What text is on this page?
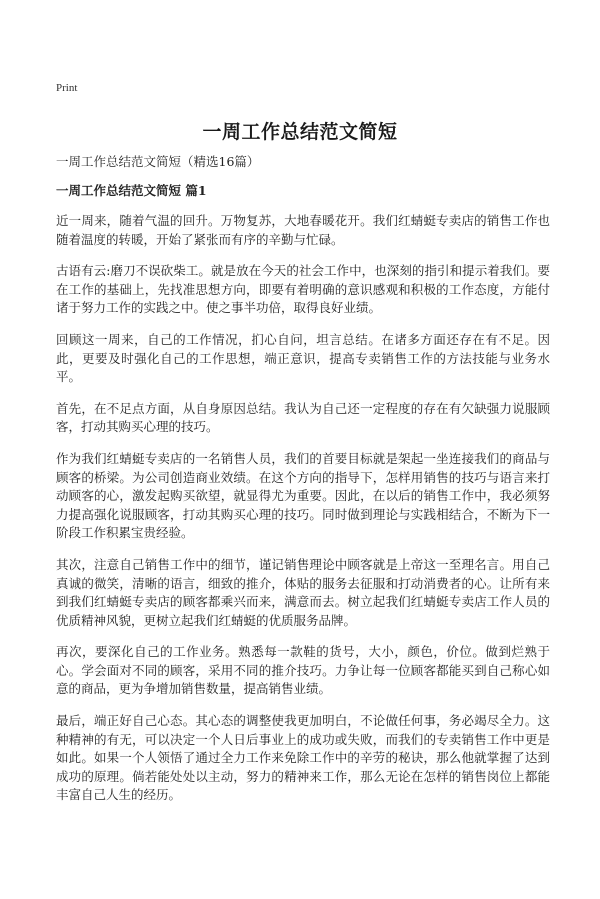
Print
一周工作总结范文简短

一周工作总结范文简短（精选16篇）

一周工作总结范文简短 篇1

近一周来，随着气温的回升。万物复苏，大地春暖花开。我们红蜻蜓专卖店的销售工作也随着温度的转暖，开始了紧张而有序的辛勤与忙碌。

古语有云:磨刀不误砍柴工。就是放在今天的社会工作中，也深刻的指引和提示着我们。要在工作的基础上，先找准思想方向，即要有着明确的意识感观和积极的工作态度，方能付诸于努力工作的实践之中。使之事半功倍，取得良好业绩。

回顾这一周来，自己的工作情况，扪心自问，坦言总结。在诸多方面还存在有不足。因此，更要及时强化自己的工作思想，端正意识，提高专卖销售工作的方法技能与业务水平。

首先，在不足点方面，从自身原因总结。我认为自己还一定程度的存在有欠缺强力说服顾客，打动其购买心理的技巧。

作为我们红蜻蜓专卖店的一名销售人员，我们的首要目标就是架起一坐连接我们的商品与顾客的桥梁。为公司创造商业效绩。在这个方向的指导下，怎样用销售的技巧与语言来打动顾客的心，激发起购买欲望，就显得尤为重要。因此，在以后的销售工作中，我必须努力提高强化说服顾客，打动其购买心理的技巧。同时做到理论与实践相结合，不断为下一阶段工作积累宝贵经验。

其次，注意自己销售工作中的细节，谨记销售理论中顾客就是上帝这一至理名言。用自己真诚的微笑，清晰的语言，细致的推介，体贴的服务去征服和打动消费者的心。让所有来到我们红蜻蜓专卖店的顾客都乘兴而来，满意而去。树立起我们红蜻蜓专卖店工作人员的优质精神风貌，更树立起我们红蜻蜓的优质服务品牌。

再次，要深化自己的工作业务。熟悉每一款鞋的货号，大小，颜色，价位。做到烂熟于心。学会面对不同的顾客，采用不同的推介技巧。力争让每一位顾客都能买到自己称心如意的商品，更为争增加销售数量，提高销售业绩。

最后，端正好自己心态。其心态的调整使我更加明白，不论做任何事，务必竭尽全力。这种精神的有无，可以决定一个人日后事业上的成功或失败，而我们的专卖销售工作中更是如此。如果一个人领悟了通过全力工作来免除工作中的辛劳的秘诀，那么他就掌握了达到成功的原理。倘若能处处以主动，努力的精神来工作，那么无论在怎样的销售岗位上都能丰富自己人生的经历。
